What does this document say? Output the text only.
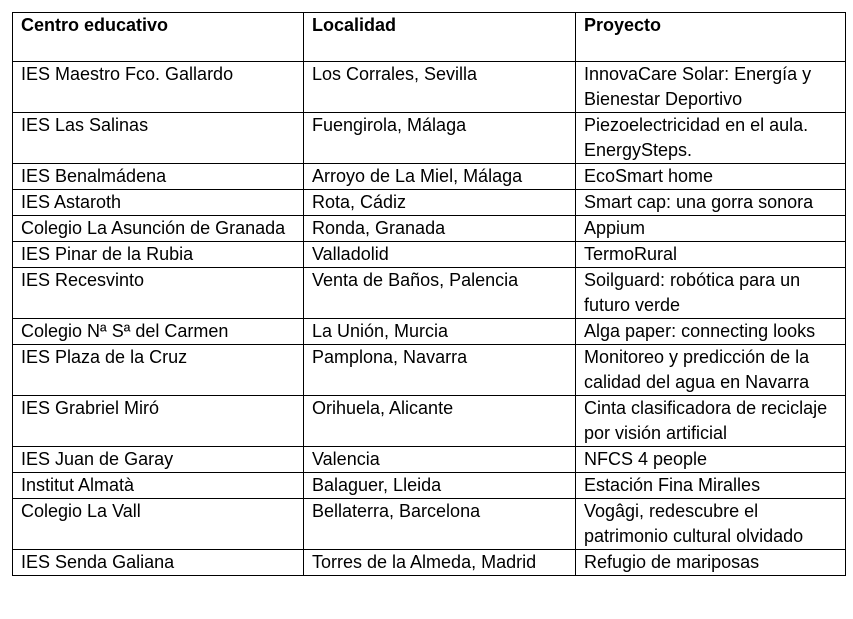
Centro educativo	Localidad	Proyecto
IES Maestro Fco. Gallardo	Los Corrales, Sevilla	InnovaCare Solar: Energía y Bienestar Deportivo
IES Las Salinas	Fuengirola, Málaga	Piezoelectricidad en el aula. EnergySteps.
IES Benalmádena	Arroyo de La Miel, Málaga	EcoSmart home
IES Astaroth	Rota, Cádiz	Smart cap: una gorra sonora
Colegio La Asunción de Granada	Ronda, Granada	Appium
IES Pinar de la Rubia	Valladolid	TermoRural
IES Recesvinto	Venta de Baños, Palencia	Soilguard: robótica para un futuro verde
Colegio Nª Sª del Carmen	La Unión, Murcia	Alga paper: connecting looks
IES Plaza de la Cruz	Pamplona, Navarra	Monitoreo y predicción de la calidad del agua en Navarra
IES Grabriel Miró	Orihuela, Alicante	Cinta clasificadora de reciclaje por visión artificial
IES Juan de Garay	Valencia	NFCS 4 people
Institut Almatà	Balaguer, Lleida	Estación Fina Miralles
Colegio La Vall	Bellaterra, Barcelona	Vogâgi, redescubre el patrimonio cultural olvidado
IES Senda Galiana	Torres de la Almeda, Madrid	Refugio de mariposas
